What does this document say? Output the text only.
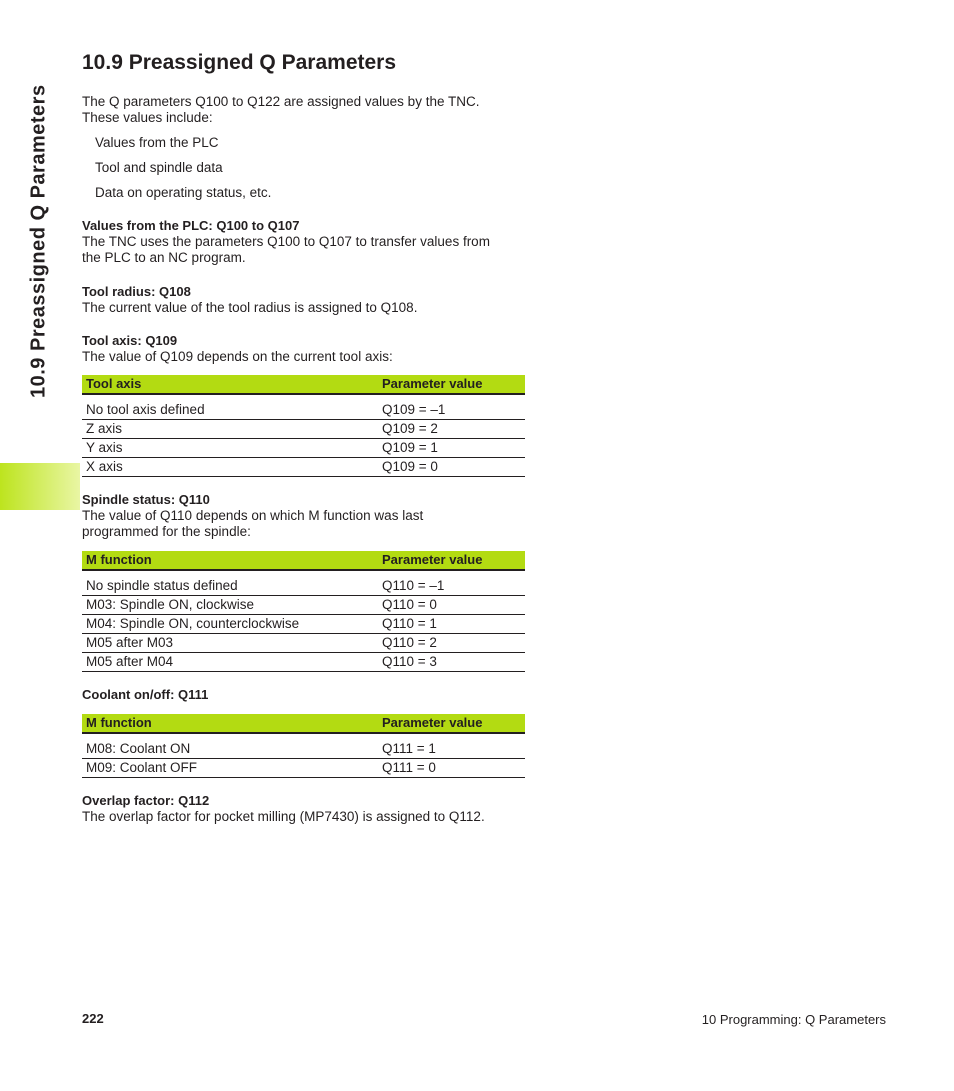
10.9 Preassigned Q Parameters
10.9 Preassigned Q Parameters
The Q parameters Q100 to Q122 are assigned values by the TNC.
These values include:
Values from the PLC
Tool and spindle data
Data on operating status, etc.
Values from the PLC: Q100 to Q107
The TNC uses the parameters Q100 to Q107 to transfer values from
the PLC to an NC program.
Tool radius: Q108
The current value of the tool radius is assigned to Q108.
Tool axis: Q109
The value of Q109 depends on the current tool axis:
Tool axis	Parameter value
No tool axis defined	Q109 = –1
Z axis	Q109 = 2
Y axis	Q109 = 1
X axis	Q109 = 0
Spindle status: Q110
The value of Q110 depends on which M function was last
programmed for the spindle:
M function	Parameter value
No spindle status defined	Q110 = –1
M03: Spindle ON, clockwise	Q110 = 0
M04: Spindle ON, counterclockwise	Q110 = 1
M05 after M03	Q110 = 2
M05 after M04	Q110 = 3
Coolant on/off: Q111
M function	Parameter value
M08: Coolant ON	Q111 = 1
M09: Coolant OFF	Q111 = 0
Overlap factor: Q112
The overlap factor for pocket milling (MP7430) is assigned to Q112.
222	10 Programming: Q Parameters
